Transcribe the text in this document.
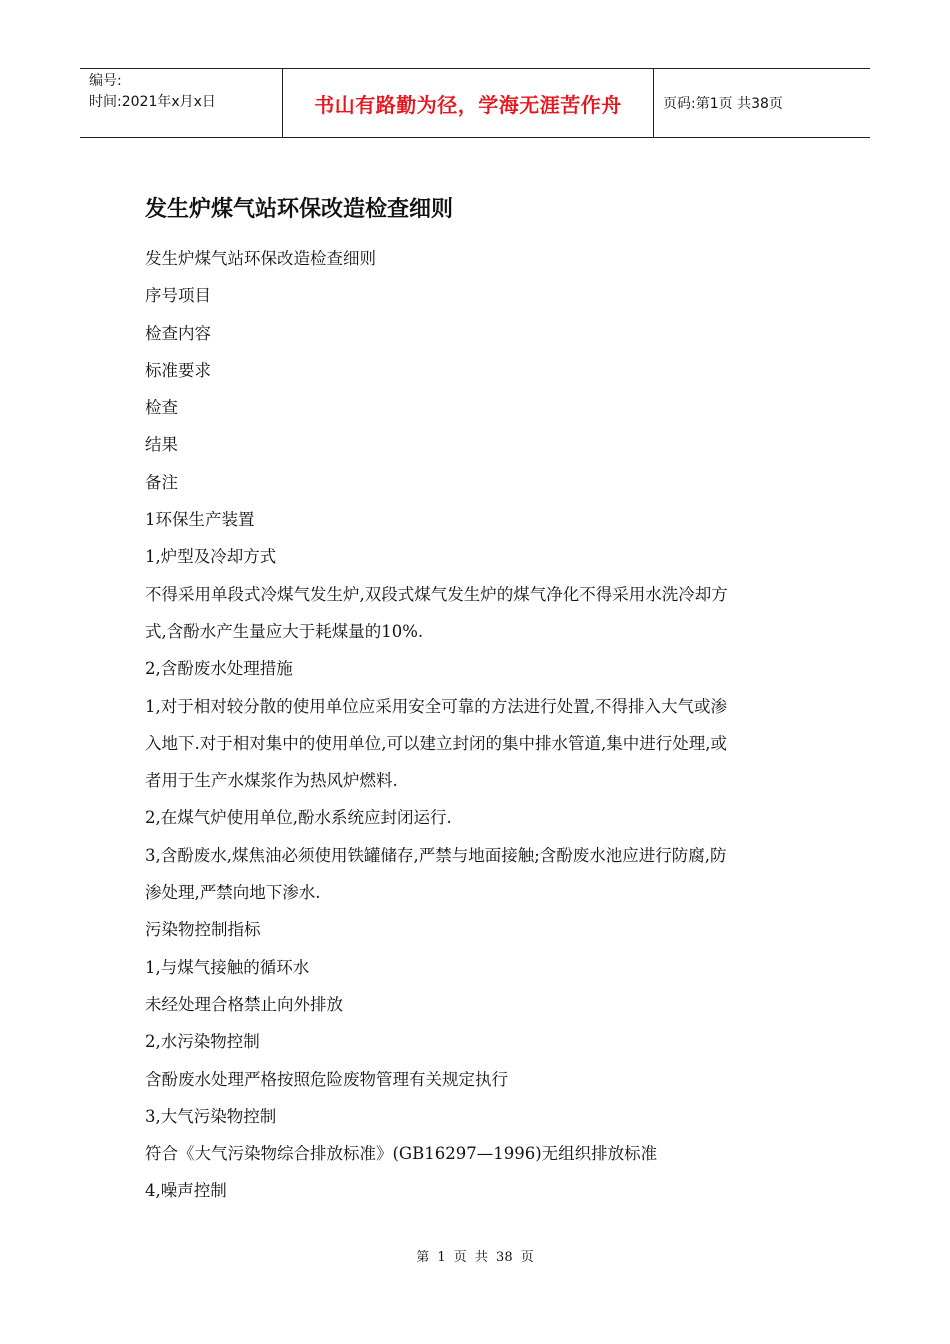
编号:
时间:2021年x月x日	书山有路勤为径，学海无涯苦作舟	页码:第1页 共38页
发生炉煤气站环保改造检查细则

发生炉煤气站环保改造检查细则

序号项目

检查内容

标准要求

检查

结果

备注

1环保生产装置

1,炉型及冷却方式

不得采用单段式冷煤气发生炉,双段式煤气发生炉的煤气净化不得采用水洗冷却方

式,含酚水产生量应大于耗煤量的10%.

2,含酚废水处理措施

1,对于相对较分散的使用单位应采用安全可靠的方法进行处置,不得排入大气或渗

入地下.对于相对集中的使用单位,可以建立封闭的集中排水管道,集中进行处理,或

者用于生产水煤浆作为热风炉燃料.

2,在煤气炉使用单位,酚水系统应封闭运行.

3,含酚废水,煤焦油必须使用铁罐储存,严禁与地面接触;含酚废水池应进行防腐,防

渗处理,严禁向地下渗水.

污染物控制指标

1,与煤气接触的循环水

未经处理合格禁止向外排放

2,水污染物控制

含酚废水处理严格按照危险废物管理有关规定执行

3,大气污染物控制

符合《大气污染物综合排放标准》(GB16297—1996)无组织排放标准

4,噪声控制

第 1 页 共 38 页
